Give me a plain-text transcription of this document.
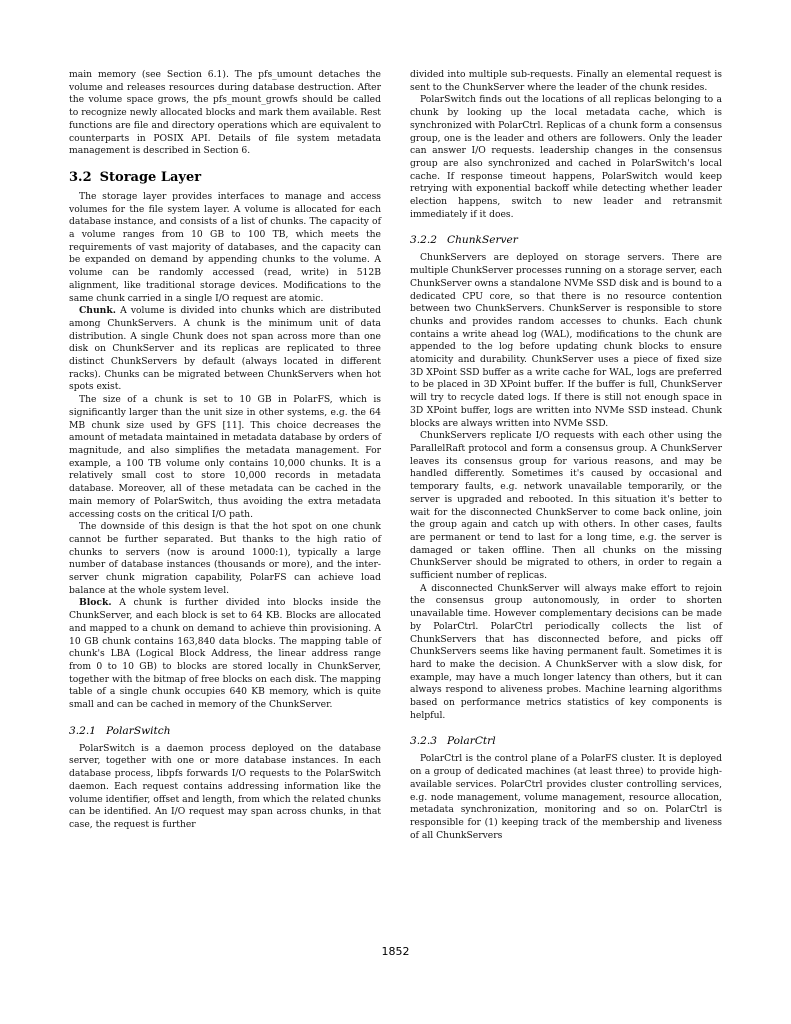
main memory (see Section 6.1). The pfs_umount detaches the volume and releases resources during database destruction. After the volume space grows, the pfs_mount_growfs should be called to recognize newly allocated blocks and mark them available. Rest functions are file and directory operations which are equivalent to counterparts in POSIX API. Details of file system metadata management is described in Section 6.

3.2 Storage Layer

The storage layer provides interfaces to manage and access volumes for the file system layer. A volume is allocated for each database instance, and consists of a list of chunks. The capacity of a volume ranges from 10 GB to 100 TB, which meets the requirements of vast majority of databases, and the capacity can be expanded on demand by appending chunks to the volume. A volume can be randomly accessed (read, write) in 512B alignment, like traditional storage devices. Modifications to the same chunk carried in a single I/O request are atomic.

Chunk. A volume is divided into chunks which are distributed among ChunkServers. A chunk is the minimum unit of data distribution. A single Chunk does not span across more than one disk on ChunkServer and its replicas are replicated to three distinct ChunkServers by default (always located in different racks). Chunks can be migrated between ChunkServers when hot spots exist.

The size of a chunk is set to 10 GB in PolarFS, which is significantly larger than the unit size in other systems, e.g. the 64 MB chunk size used by GFS [11]. This choice decreases the amount of metadata maintained in metadata database by orders of magnitude, and also simplifies the metadata management. For example, a 100 TB volume only contains 10,000 chunks. It is a relatively small cost to store 10,000 records in metadata database. Moreover, all of these metadata can be cached in the main memory of PolarSwitch, thus avoiding the extra metadata accessing costs on the critical I/O path.

The downside of this design is that the hot spot on one chunk cannot be further separated. But thanks to the high ratio of chunks to servers (now is around 1000:1), typically a large number of database instances (thousands or more), and the inter-server chunk migration capability, PolarFS can achieve load balance at the whole system level.

Block. A chunk is further divided into blocks inside the ChunkServer, and each block is set to 64 KB. Blocks are allocated and mapped to a chunk on demand to achieve thin provisioning. A 10 GB chunk contains 163,840 data blocks. The mapping table of chunk's LBA (Logical Block Address, the linear address range from 0 to 10 GB) to blocks are stored locally in ChunkServer, together with the bitmap of free blocks on each disk. The mapping table of a single chunk occupies 640 KB memory, which is quite small and can be cached in memory of the ChunkServer.

3.2.1 PolarSwitch

PolarSwitch is a daemon process deployed on the database server, together with one or more database instances. In each database process, libpfs forwards I/O requests to the PolarSwitch daemon. Each request contains addressing information like the volume identifier, offset and length, from which the related chunks can be identified. An I/O request may span across chunks, in that case, the request is further

divided into multiple sub-requests. Finally an elemental request is sent to the ChunkServer where the leader of the chunk resides.

PolarSwitch finds out the locations of all replicas belonging to a chunk by looking up the local metadata cache, which is synchronized with PolarCtrl. Replicas of a chunk form a consensus group, one is the leader and others are followers. Only the leader can answer I/O requests. leadership changes in the consensus group are also synchronized and cached in PolarSwitch's local cache. If response timeout happens, PolarSwitch would keep retrying with exponential backoff while detecting whether leader election happens, switch to new leader and retransmit immediately if it does.

3.2.2 ChunkServer

ChunkServers are deployed on storage servers. There are multiple ChunkServer processes running on a storage server, each ChunkServer owns a standalone NVMe SSD disk and is bound to a dedicated CPU core, so that there is no resource contention between two ChunkServers. ChunkServer is responsible to store chunks and provides random accesses to chunks. Each chunk contains a write ahead log (WAL), modifications to the chunk are appended to the log before updating chunk blocks to ensure atomicity and durability. ChunkServer uses a piece of fixed size 3D XPoint SSD buffer as a write cache for WAL, logs are preferred to be placed in 3D XPoint buffer. If the buffer is full, ChunkServer will try to recycle dated logs. If there is still not enough space in 3D XPoint buffer, logs are written into NVMe SSD instead. Chunk blocks are always written into NVMe SSD.

ChunkServers replicate I/O requests with each other using the ParallelRaft protocol and form a consensus group. A ChunkServer leaves its consensus group for various reasons, and may be handled differently. Sometimes it's caused by occasional and temporary faults, e.g. network unavailable temporarily, or the server is upgraded and rebooted. In this situation it's better to wait for the disconnected ChunkServer to come back online, join the group again and catch up with others. In other cases, faults are permanent or tend to last for a long time, e.g. the server is damaged or taken offline. Then all chunks on the missing ChunkServer should be migrated to others, in order to regain a sufficient number of replicas.

A disconnected ChunkServer will always make effort to rejoin the consensus group autonomously, in order to shorten unavailable time. However complementary decisions can be made by PolarCtrl. PolarCtrl periodically collects the list of ChunkServers that has disconnected before, and picks off ChunkServers seems like having permanent fault. Sometimes it is hard to make the decision. A ChunkServer with a slow disk, for example, may have a much longer latency than others, but it can always respond to aliveness probes. Machine learning algorithms based on performance metrics statistics of key components is helpful.

3.2.3 PolarCtrl

PolarCtrl is the control plane of a PolarFS cluster. It is deployed on a group of dedicated machines (at least three) to provide high-available services. PolarCtrl provides cluster controlling services, e.g. node management, volume management, resource allocation, metadata synchronization, monitoring and so on. PolarCtrl is responsible for (1) keeping track of the membership and liveness of all ChunkServers

1852
